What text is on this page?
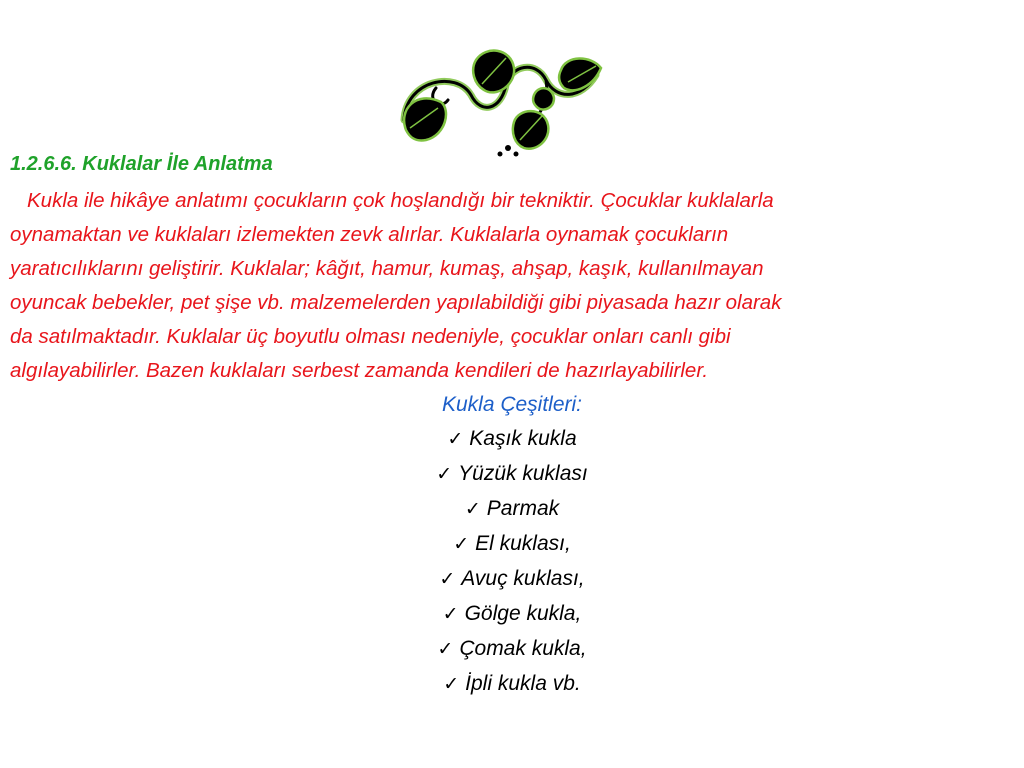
1.2.6.6. Kuklalar İle Anlatma
Kukla ile hikâye anlatımı çocukların çok hoşlandığı bir tekniktir. Çocuklar kuklalarla
oynamaktan ve kuklaları izlemekten zevk alırlar. Kuklalarla oynamak çocukların
yaratıcılıklarını geliştirir. Kuklalar; kâğıt, hamur, kumaş, ahşap, kaşık, kullanılmayan
oyuncak bebekler, pet şişe vb. malzemelerden yapılabildiği gibi piyasada hazır olarak
da satılmaktadır. Kuklalar üç boyutlu olması nedeniyle, çocuklar onları canlı gibi
algılayabilirler. Bazen kuklaları serbest zamanda kendileri de hazırlayabilirler.
Kukla Çeşitleri:
✓ Kaşık kukla
✓ Yüzük kuklası
✓ Parmak
✓ El kuklası,
✓ Avuç kuklası,
✓ Gölge kukla,
✓ Çomak kukla,
✓ İpli kukla vb.
